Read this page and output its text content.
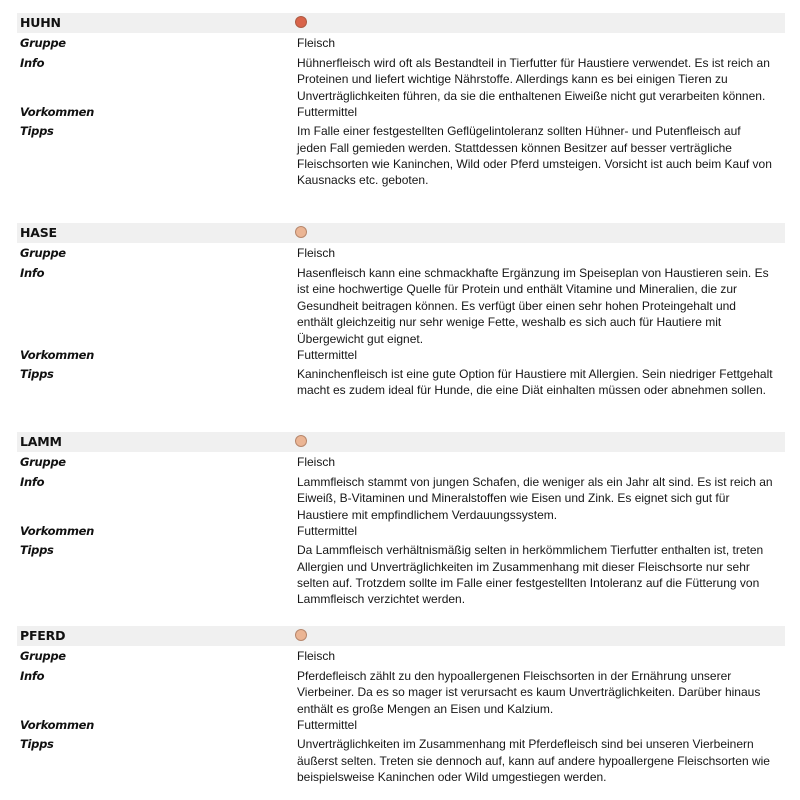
HUHN
Gruppe	Fleisch
Info	Hühnerfleisch wird oft als Bestandteil in Tierfutter für Haustiere verwendet. Es ist reich an Proteinen und liefert wichtige Nährstoffe. Allerdings kann es bei einigen Tieren zu Unverträglichkeiten führen, da sie die enthaltenen Eiweiße nicht gut verarbeiten können.
Vorkommen	Futtermittel
Tipps	Im Falle einer festgestellten Geflügelintoleranz sollten Hühner- und Putenfleisch auf jeden Fall gemieden werden. Stattdessen können Besitzer auf besser verträgliche Fleischsorten wie Kaninchen, Wild oder Pferd umsteigen. Vorsicht ist auch beim Kauf von Kausnacks etc. geboten.
HASE
Gruppe	Fleisch
Info	Hasenfleisch kann eine schmackhafte Ergänzung im Speiseplan von Haustieren sein. Es ist eine hochwertige Quelle für Protein und enthält Vitamine und Mineralien, die zur Gesundheit beitragen können. Es verfügt über einen sehr hohen Proteingehalt und enthält gleichzeitig nur sehr wenige Fette, weshalb es sich auch für Hautiere mit Übergewicht gut eignet.
Vorkommen	Futtermittel
Tipps	Kaninchenfleisch ist eine gute Option für Haustiere mit Allergien. Sein niedriger Fettgehalt macht es zudem ideal für Hunde, die eine Diät einhalten müssen oder abnehmen sollen.
LAMM
Gruppe	Fleisch
Info	Lammfleisch stammt von jungen Schafen, die weniger als ein Jahr alt sind. Es ist reich an Eiweiß, B-Vitaminen und Mineralstoffen wie Eisen und Zink. Es eignet sich gut für Haustiere mit empfindlichem Verdauungssystem.
Vorkommen	Futtermittel
Tipps	Da Lammfleisch verhältnismäßig selten in herkömmlichem Tierfutter enthalten ist, treten Allergien und Unverträglichkeiten im Zusammenhang mit dieser Fleischsorte nur sehr selten auf. Trotzdem sollte im Falle einer festgestellten Intoleranz auf die Fütterung von Lammfleisch verzichtet werden.
PFERD
Gruppe	Fleisch
Info	Pferdefleisch zählt zu den hypoallergenen Fleischsorten in der Ernährung unserer Vierbeiner. Da es so mager ist verursacht es kaum Unverträglichkeiten. Darüber hinaus enthält es große Mengen an Eisen und Kalzium.
Vorkommen	Futtermittel
Tipps	Unverträglichkeiten im Zusammenhang mit Pferdefleisch sind bei unseren Vierbeinern äußerst selten. Treten sie dennoch auf, kann auf andere hypoallergene Fleischsorten wie beispielsweise Kaninchen oder Wild umgestiegen werden.
